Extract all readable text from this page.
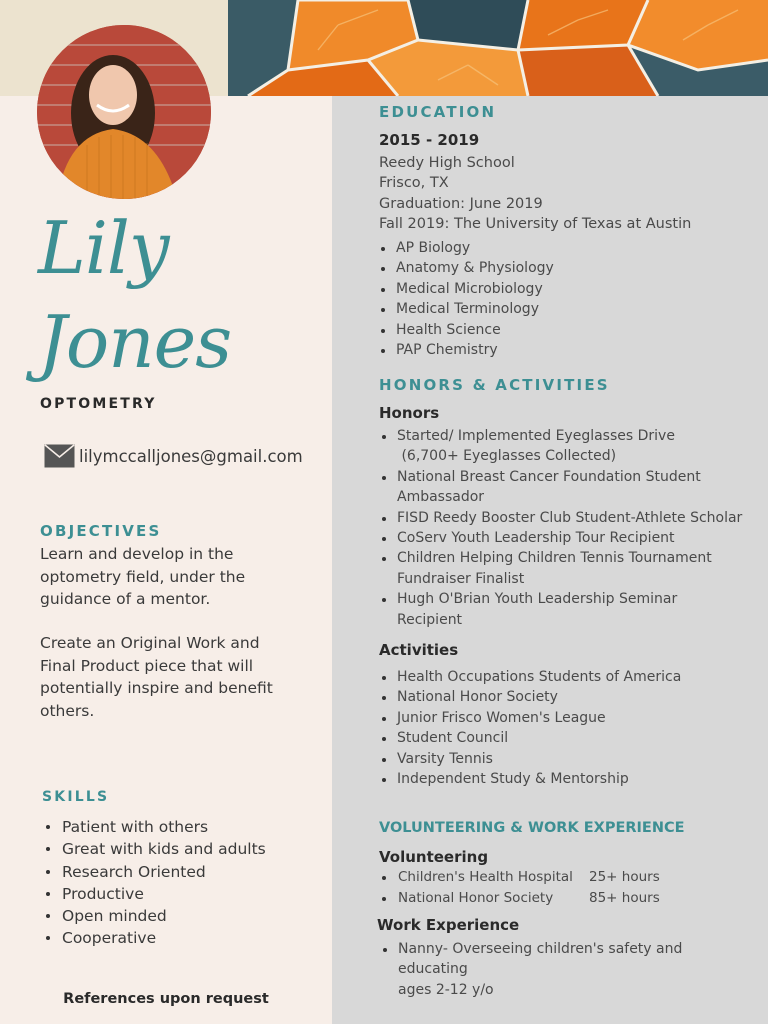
Lily
Jones
OPTOMETRY
lilymccalljones@gmail.com
OBJECTIVES
Learn and develop in the optometry field, under the guidance of a mentor.
Create an Original Work and Final Product piece that will potentially inspire and benefit others.
SKILLS
Patient with others
Great with kids and adults
Research Oriented
Productive
Open minded
Cooperative
References upon request
EDUCATION
2015 - 2019
Reedy High School
Frisco, TX
Graduation: June 2019
Fall 2019: The University of Texas at Austin
AP Biology
Anatomy & Physiology
Medical Microbiology
Medical Terminology
Health Science
PAP Chemistry
HONORS & ACTIVITIES
Honors
Started/ Implemented Eyeglasses Drive
(6,700+ Eyeglasses Collected)
National Breast Cancer Foundation Student
Ambassador
FISD Reedy Booster Club Student-Athlete Scholar
CoServ Youth Leadership Tour Recipient
Children Helping Children Tennis Tournament
Fundraiser Finalist
Hugh O'Brian Youth Leadership Seminar
Recipient
Activities
Health Occupations Students of America
National Honor Society
Junior Frisco Women's League
Student Council
Varsity Tennis
Independent Study & Mentorship
VOLUNTEERING & WORK EXPERIENCE
Volunteering
Children's Health Hospital	25+ hours
National Honor Society	85+ hours
Work Experience
Nanny- Overseeing children's safety and educating
ages 2-12 y/o
